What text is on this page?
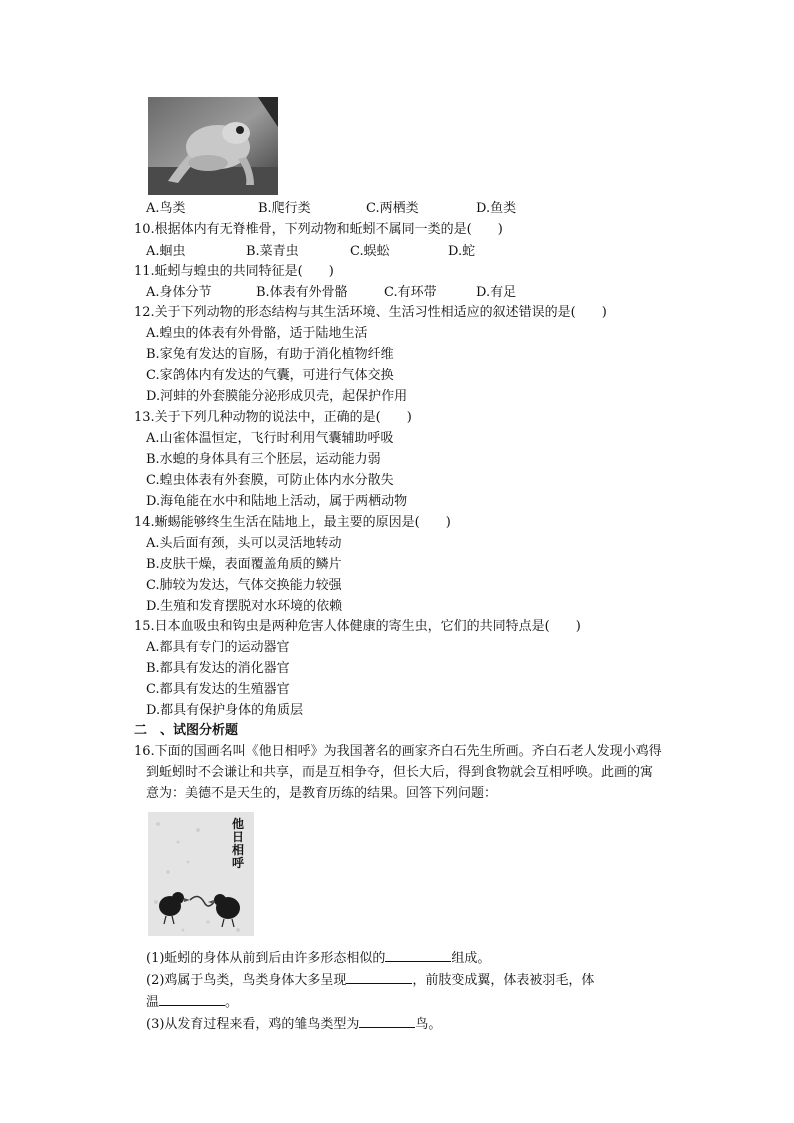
A.鸟类	B.爬行类	C.两栖类	D.鱼类
10.根据体内有无脊椎骨，下列动物和蚯蚓不属同一类的是(　　)
A.蛔虫	B.菜青虫	C.蜈蚣	D.蛇
11.蚯蚓与蝗虫的共同特征是(　　)
A.身体分节	B.体表有外骨骼	C.有环带	D.有足
12.关于下列动物的形态结构与其生活环境、生活习性相适应的叙述错误的是(　　)
A.蝗虫的体表有外骨骼，适于陆地生活
B.家兔有发达的盲肠，有助于消化植物纤维
C.家鸽体内有发达的气囊，可进行气体交换
D.河蚌的外套膜能分泌形成贝壳，起保护作用
13.关于下列几种动物的说法中，正确的是(　　)
A.山雀体温恒定，飞行时利用气囊辅助呼吸
B.水螅的身体具有三个胚层，运动能力弱
C.蝗虫体表有外套膜，可防止体内水分散失
D.海龟能在水中和陆地上活动，属于两栖动物
14.蜥蜴能够终生生活在陆地上，最主要的原因是(　　)
A.头后面有颈，头可以灵活地转动
B.皮肤干燥，表面覆盖角质的鳞片
C.肺较为发达，气体交换能力较强
D.生殖和发育摆脱对水环境的依赖
15.日本血吸虫和钩虫是两种危害人体健康的寄生虫，它们的共同特点是(　　)
A.都具有专门的运动器官
B.都具有发达的消化器官
C.都具有发达的生殖器官
D.都具有保护身体的角质层
二　、试图分析题
16.下面的国画名叫《他日相呼》为我国著名的画家齐白石先生所画。齐白石老人发现小鸡得
到蚯蚓时不会谦让和共享，而是互相争夺，但长大后，得到食物就会互相呼唤。此画的寓
意为：美德不是天生的，是教育历练的结果。回答下列问题：
他
日
相
呼
(1)蚯蚓的身体从前到后由许多形态相似的	组成。
(2)鸡属于鸟类，鸟类身体大多呈现	，前肢变成翼，体表被羽毛，体
温	。
(3)从发育过程来看，鸡的雏鸟类型为	鸟。
